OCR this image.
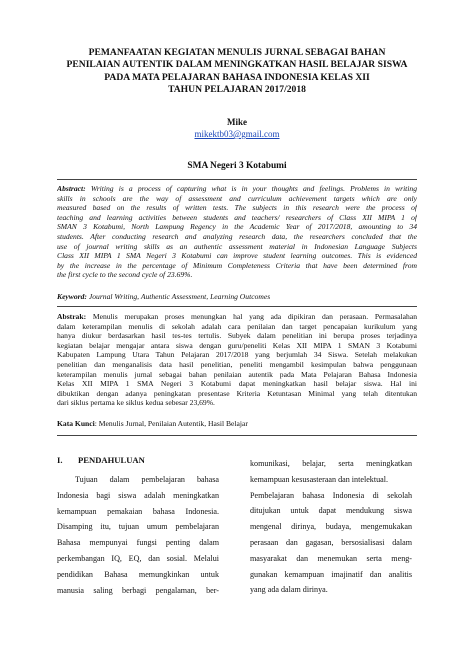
PEMANFAATAN KEGIATAN MENULIS JURNAL SEBAGAI BAHAN
PENILAIAN AUTENTIK DALAM MENINGKATKAN HASIL BELAJAR SISWA
PADA MATA PELAJARAN BAHASA INDONESIA KELAS XII
TAHUN PELAJARAN 2017/2018
Mike
mikektb03@gmail.com
SMA Negeri 3 Kotabumi
Abstract: Writing is a process of capturing what is in your thoughts and feelings. Problems in writing
skills in schools are the way of assessment and curriculum achievement targets which are only
measured based on the results of written tests. The subjects in this research were the process of
teaching and learning activities between students and teachers/ researchers of Class XII MIPA 1 of
SMAN 3 Kotabumi, North Lampung Regency in the Academic Year of 2017/2018, amounting to 34
students. After conducting research and analyzing research data, the researchers concluded that the
use of journal writing skills as an authentic assessment material in Indonesian Language Subjects
Class XII MIPA 1 SMA Negeri 3 Kotabumi can improve student learning outcomes. This is evidenced
by the increase in the percentage of Minimum Completeness Criteria that have been determined from
the first cycle to the second cycle of 23.69%.
Keyword: Journal Writing, Authentic Assessment, Learning Outcomes
Abstrak: Menulis merupakan proses menungkan hal yang ada dipikiran dan perasaan. Permasalahan
dalam keterampilan menulis di sekolah adalah cara penilaian dan target pencapaian kurikulum yang
hanya diukur berdasarkan hasil tes-tes tertulis. Subyek dalam penelitian ini berupa proses terjadinya
kegiatan belajar mengajar antara siswa dengan guru/peneliti Kelas XII MIPA 1 SMAN 3 Kotabumi
Kabupaten Lampung Utara Tahun Pelajaran 2017/2018 yang berjumlah 34 Siswa. Setelah melakukan
penelitian dan menganalisis data hasil penelitian, peneliti mengambil kesimpulan bahwa penggunaan
keterampilan menulis jurnal sebagai bahan penilaian autentik pada Mata Pelajaran Bahasa Indonesia
Kelas XII MIPA 1 SMA Negeri 3 Kotabumi dapat meningkatkan hasil belajar siswa. Hal ini
dibuktikan dengan adanya peningkatan presentase Kriteria Ketuntasan Minimal yang telah ditentukan
dari siklus pertama ke siklus kedua sebesar 23,69%.
Kata Kunci: Menulis Jurnal, Penilaian Autentik, Hasil Belajar
I. PENDAHULUAN
Tujuan dalam pembelajaran bahasa
Indonesia bagi siswa adalah meningkatkan
kemampuan pemakaian bahasa Indonesia.
Disamping itu, tujuan umum pembelajaran
Bahasa mempunyai fungsi penting dalam
perkembangan IQ, EQ, dan sosial. Melalui
pendidikan Bahasa memungkinkan untuk
manusia saling berbagi pengalaman, ber-
komunikasi, belajar, serta meningkatkan
kemampuan kesusasteraan dan intelektual.
Pembelajaran bahasa Indonesia di sekolah
ditujukan untuk dapat mendukung siswa
mengenal dirinya, budaya, mengemukakan
perasaan dan gagasan, bersosialisasi dalam
masyarakat dan menemukan serta meng-
gunakan kemampuan imajinatif dan analitis
yang ada dalam dirinya.
